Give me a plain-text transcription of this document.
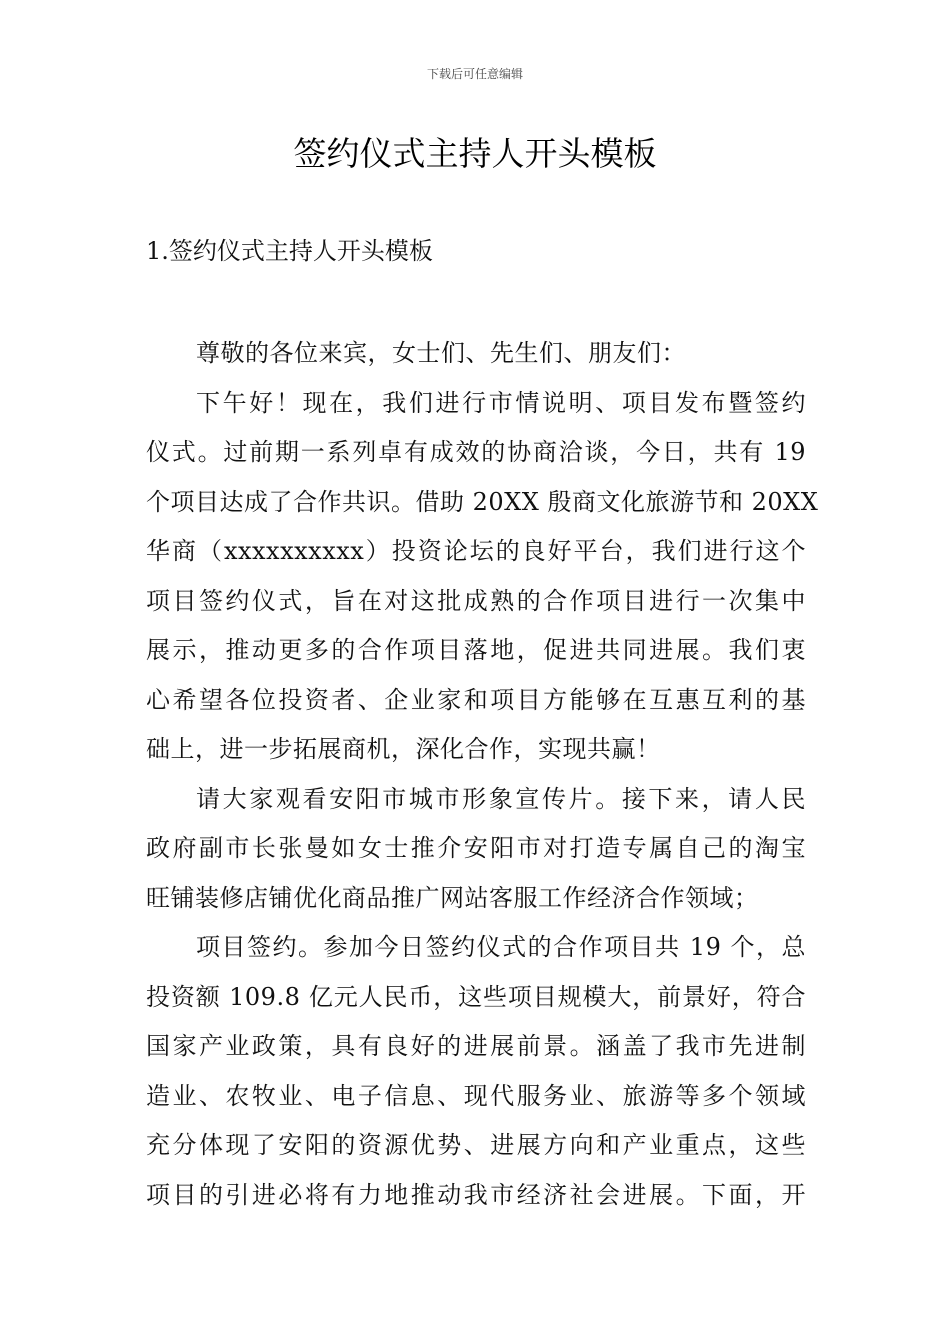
下载后可任意编辑
签约仪式主持人开头模板
1.签约仪式主持人开头模板
尊敬的各位来宾，女士们、先生们、朋友们：
下午好！现在，我们进行市情说明、项目发布暨签约
仪式。过前期一系列卓有成效的协商洽谈，今日，共有 19
个项目达成了合作共识。借助 20XX 殷商文化旅游节和 20XX
华商（xxxxxxxxxx）投资论坛的良好平台，我们进行这个
项目签约仪式，旨在对这批成熟的合作项目进行一次集中
展示，推动更多的合作项目落地，促进共同进展。我们衷
心希望各位投资者、企业家和项目方能够在互惠互利的基
础上，进一步拓展商机，深化合作，实现共赢！
请大家观看安阳市城市形象宣传片。接下来，请人民
政府副市长张曼如女士推介安阳市对打造专属自己的淘宝
旺铺装修店铺优化商品推广网站客服工作经济合作领域；
项目签约。参加今日签约仪式的合作项目共 19 个，总
投资额 109.8 亿元人民币，这些项目规模大，前景好，符合
国家产业政策，具有良好的进展前景。涵盖了我市先进制
造业、农牧业、电子信息、现代服务业、旅游等多个领域
充分体现了安阳的资源优势、进展方向和产业重点，这些
项目的引进必将有力地推动我市经济社会进展。下面，开
